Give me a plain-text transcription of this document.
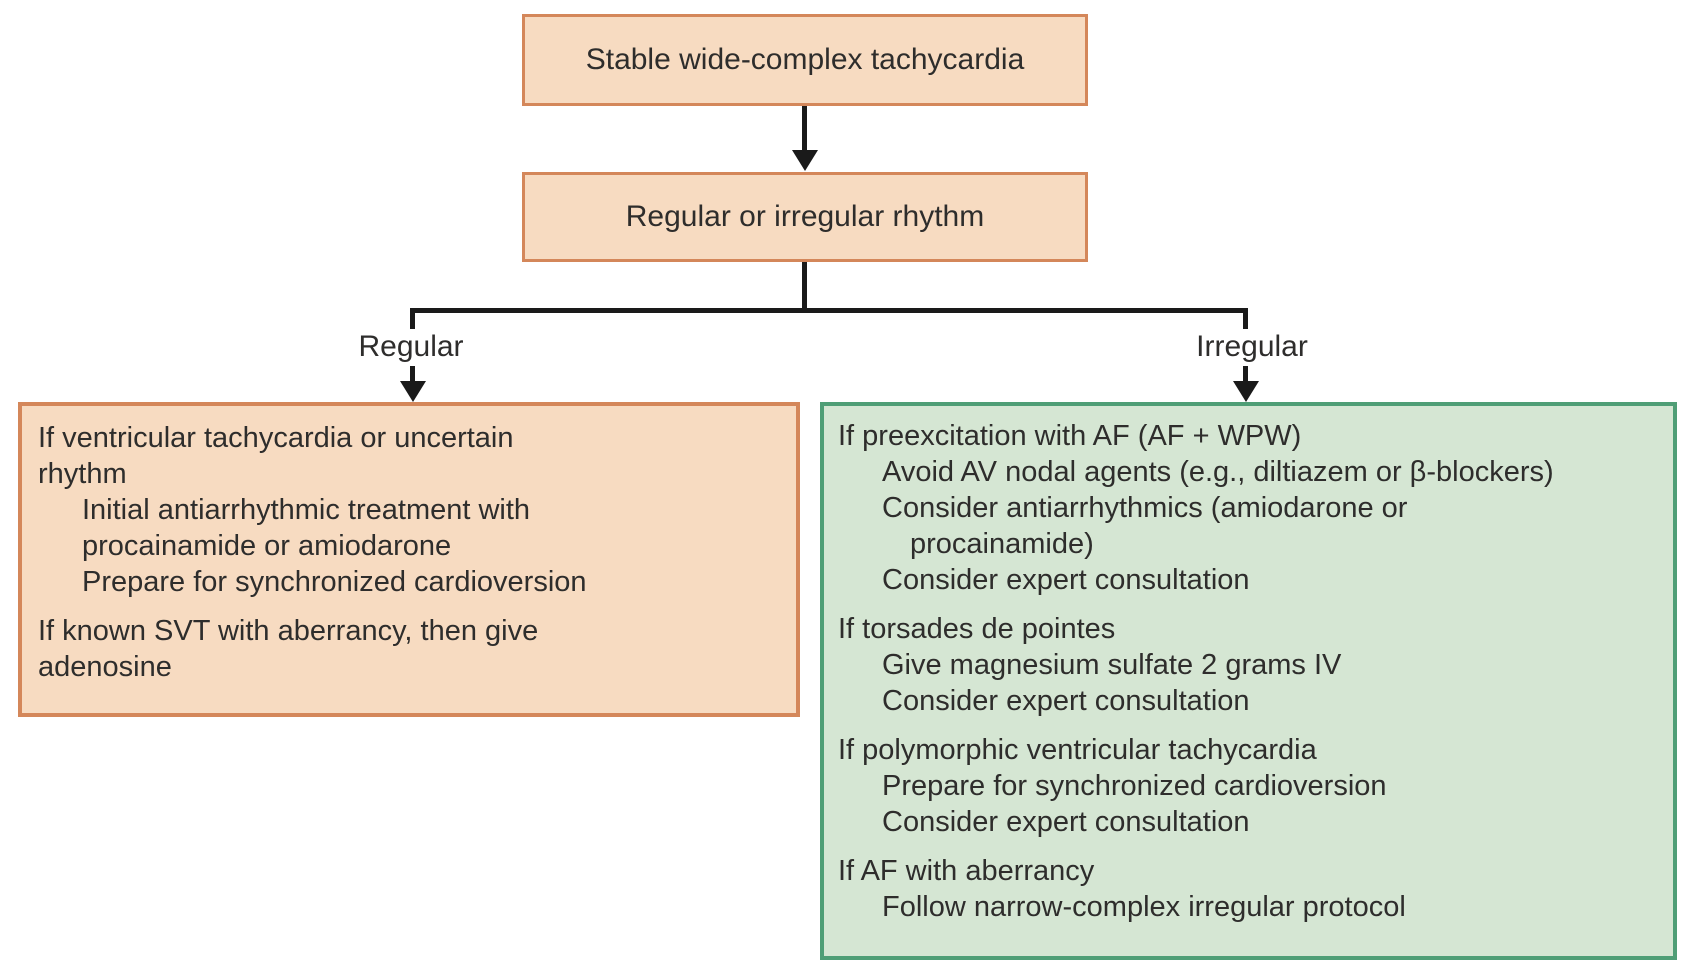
Stable wide-complex tachycardia
Regular or irregular rhythm
Regular	Irregular
If ventricular tachycardia or uncertain
rhythm
Initial antiarrhythmic treatment with
procainamide or amiodarone
Prepare for synchronized cardioversion
If known SVT with aberrancy, then give
adenosine
If preexcitation with AF (AF + WPW)
Avoid AV nodal agents (e.g., diltiazem or β-blockers)
Consider antiarrhythmics (amiodarone or
procainamide)
Consider expert consultation
If torsades de pointes
Give magnesium sulfate 2 grams IV
Consider expert consultation
If polymorphic ventricular tachycardia
Prepare for synchronized cardioversion
Consider expert consultation
If AF with aberrancy
Follow narrow-complex irregular protocol
